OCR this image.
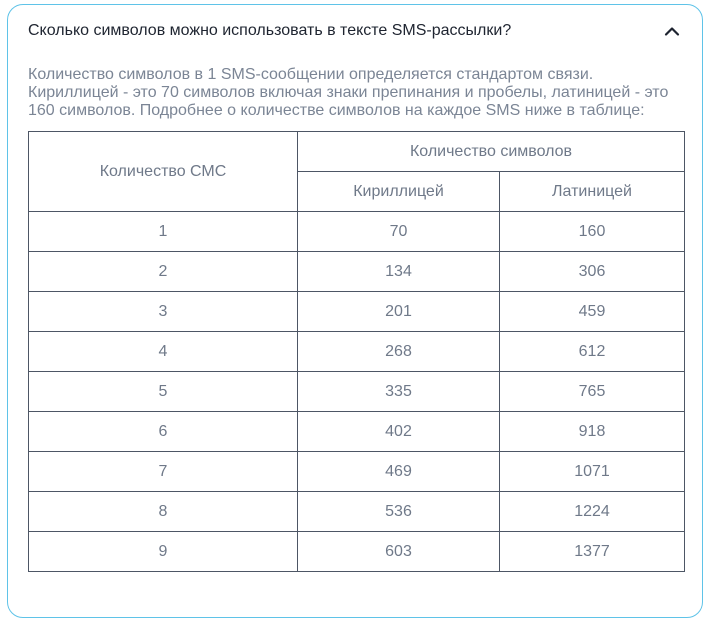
Сколько символов можно использовать в тексте SMS-рассылки?

Количество символов в 1 SMS-сообщении определяется стандартом связи.

Кириллицей - это 70 символов включая знаки препинания и пробелы, латиницей - это

160 символов. Подробнее о количестве символов на каждое SMS ниже в таблице:

Количество СМС	Количество символов	
	Кириллицей	Латиницей
1	70	160
2	134	306
3	201	459
4	268	612
5	335	765
6	402	918
7	469	1071
8	536	1224
9	603	1377
